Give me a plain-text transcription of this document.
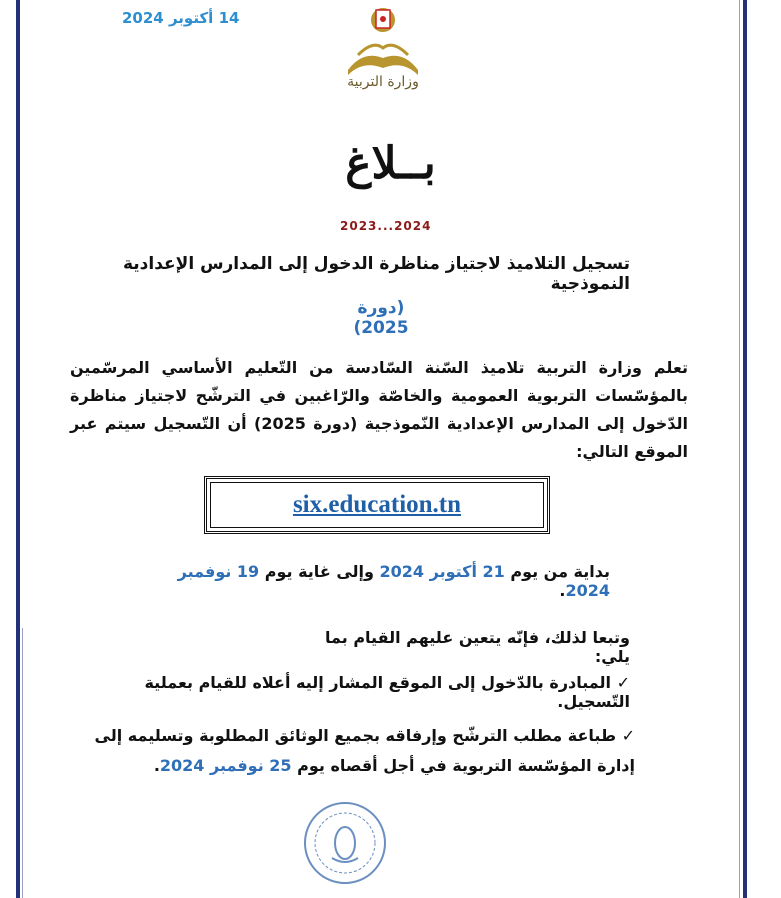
14 أكتوبر 2024
وزارة التربية
بــلاغ
2023...2024
تسجيل التلاميذ لاجتياز مناظرة الدخول إلى المدارس الإعدادية النموذجية
(دورة 2025)
تعلم وزارة التربية تلاميذ السّنة السّادسة من التّعليم الأساسي المرسّمين بالمؤسّسات التربوية العمومية والخاصّة والرّاغبين في الترشّح لاجتياز مناظرة الدّخول إلى المدارس الإعدادية النّموذجية (دورة 2025) أن التّسجيل سيتم عبر الموقع التالي:
six.education.tn
بداية من يوم 21 أكتوبر 2024 وإلى غاية يوم 19 نوفمبر 2024.
وتبعا لذلك، فإنّه يتعين عليهم القيام بما يلي:
✓ المبادرة بالدّخول إلى الموقع المشار إليه أعلاه للقيام بعملية التّسجيل.
✓ طباعة مطلب الترشّح وإرفاقه بجميع الوثائق المطلوبة وتسليمه إلى إدارة المؤسّسة التربوية في أجل أقصاه يوم 25 نوفمبر 2024.
